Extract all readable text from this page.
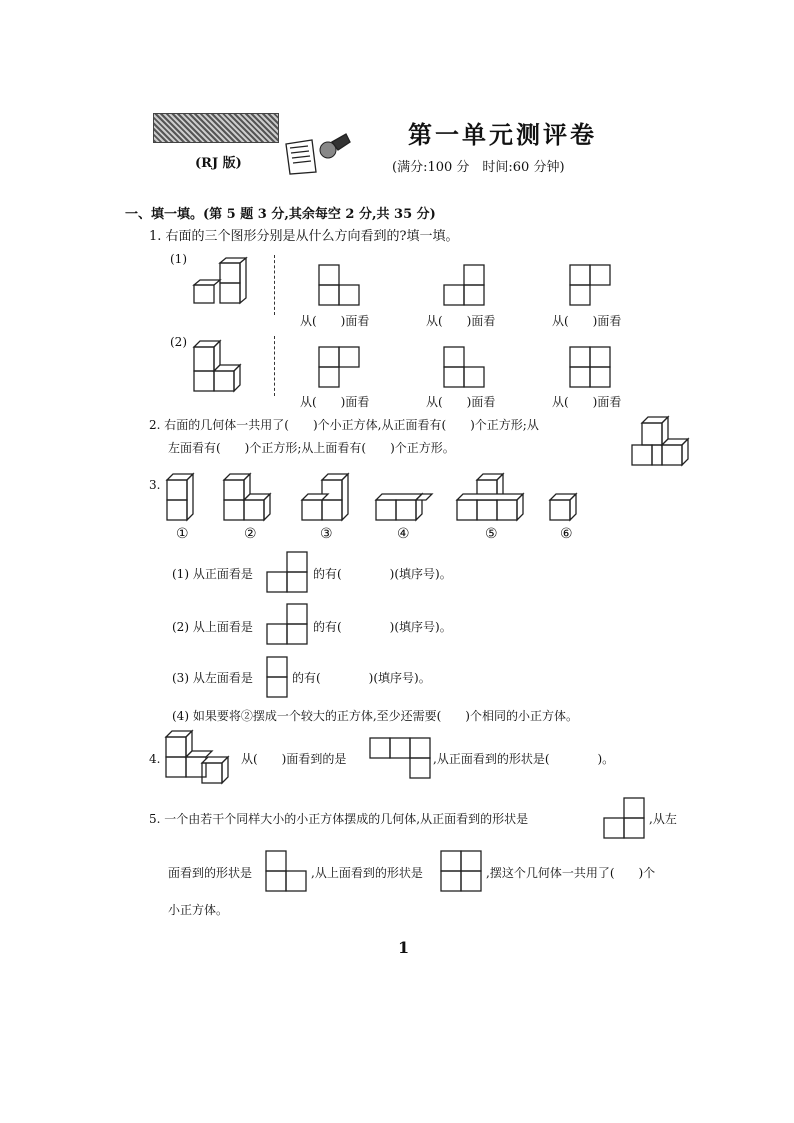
第一单元测评卷
(RJ 版)	(满分:100 分　时间:60 分钟)
一、填一填。(第 5 题 3 分,其余每空 2 分,共 35 分)
1. 右面的三个图形分别是从什么方向看到的?填一填。
(1)
(2)
从(　　)面看	从(　　)面看	从(　　)面看
从(　　)面看	从(　　)面看	从(　　)面看
2. 右面的几何体一共用了(　　)个小正方体,从正面看有(　　)个正方形;从
左面看有(　　)个正方形;从上面看有(　　)个正方形。
3.
①	②	③	④	⑤	⑥
(1) 从正面看是	的有(　　　　)(填序号)。
(2) 从上面看是	的有(　　　　)(填序号)。
(3) 从左面看是	的有(　　　　)(填序号)。
(4) 如果要将②摆成一个较大的正方体,至少还需要(　　)个相同的小正方体。
4.	从(　　)面看到的是	,从正面看到的形状是(　　　　)。
5. 一个由若干个同样大小的小正方体摆成的几何体,从正面看到的形状是	,从左
面看到的形状是	,从上面看到的形状是	,摆这个几何体一共用了(　　)个
小正方体。
1
